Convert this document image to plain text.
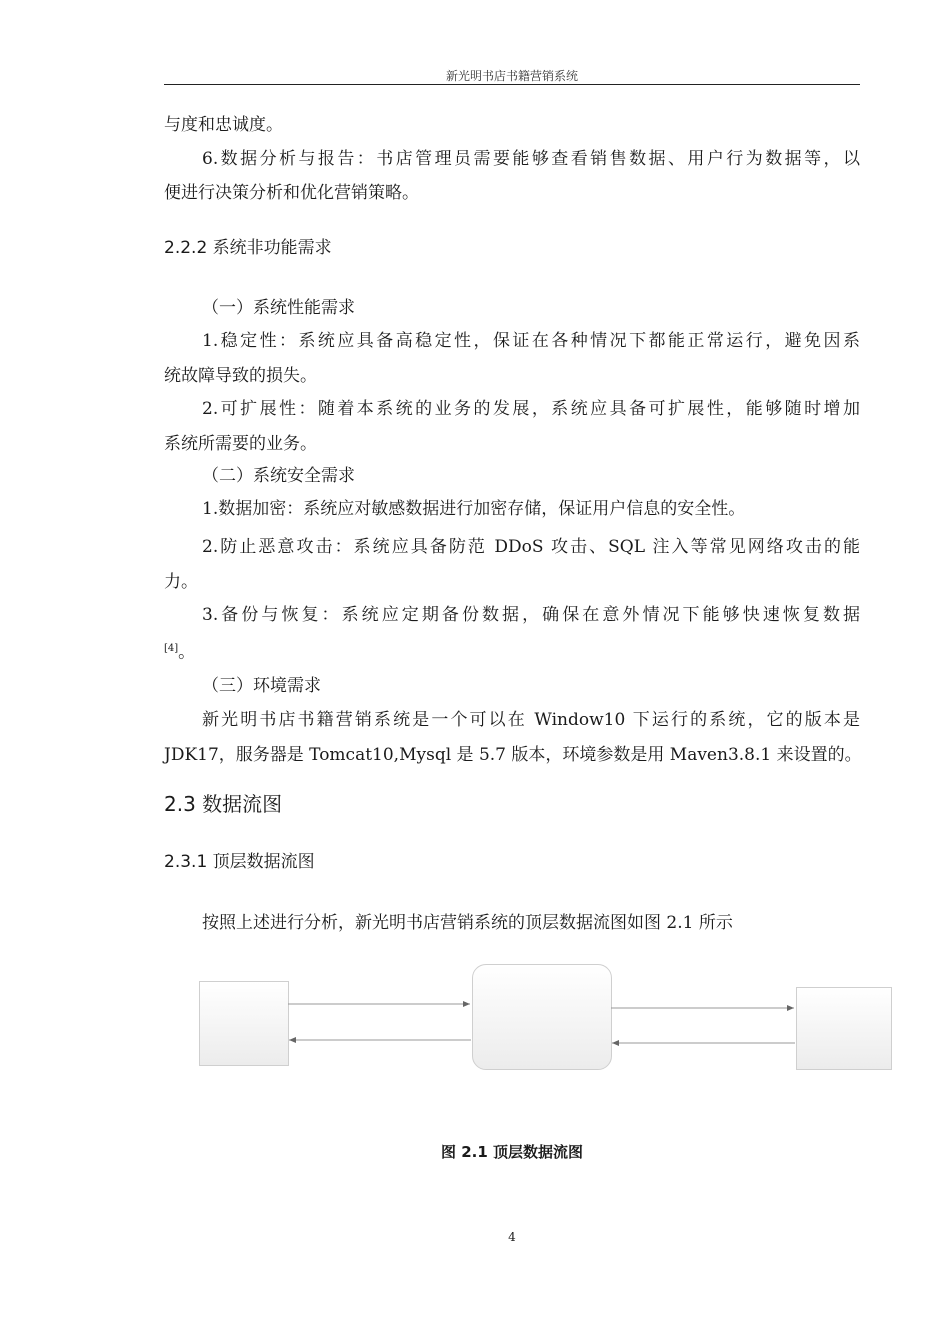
新光明书店书籍营销系统
与度和忠诚度。
6.数据分析与报告：书店管理员需要能够查看销售数据、用户行为数据等，以
便进行决策分析和优化营销策略。
2.2.2 系统非功能需求
（一）系统性能需求
1.稳定性：系统应具备高稳定性，保证在各种情况下都能正常运行，避免因系
统故障导致的损失。
2.可扩展性：随着本系统的业务的发展，系统应具备可扩展性，能够随时增加
系统所需要的业务。
（二）系统安全需求
1.数据加密：系统应对敏感数据进行加密存储，保证用户信息的安全性。
2.防止恶意攻击：系统应具备防范 DDoS 攻击、SQL 注入等常见网络攻击的能
力。
3.备份与恢复：系统应定期备份数据，确保在意外情况下能够快速恢复数据
[4]。
（三）环境需求
新光明书店书籍营销系统是一个可以在 Window10 下运行的系统，它的版本是
JDK17，服务器是 Tomcat10,Mysql 是 5.7 版本，环境参数是用 Maven3.8.1 来设置的。
2.3 数据流图
2.3.1 顶层数据流图
按照上述进行分析，新光明书店营销系统的顶层数据流图如图 2.1 所示
图 2.1 顶层数据流图
4
